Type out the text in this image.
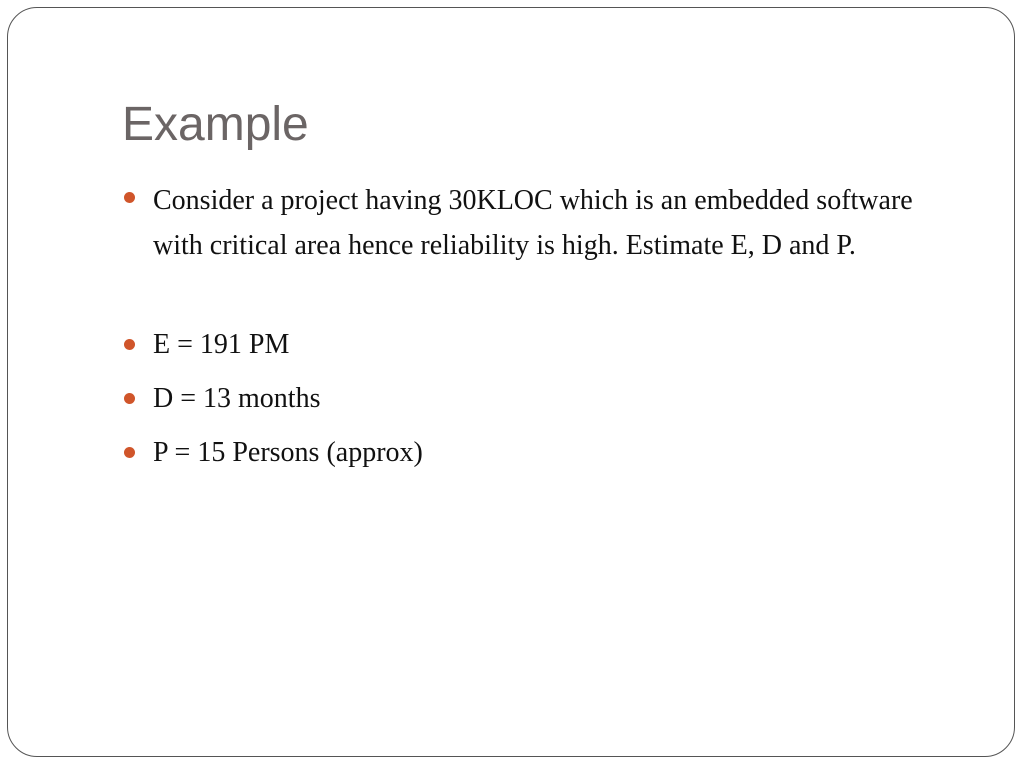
Example
Consider a project having 30KLOC which is an embedded software with critical area hence reliability is high. Estimate E, D and P.
E = 191 PM
D = 13 months
P = 15 Persons (approx)
